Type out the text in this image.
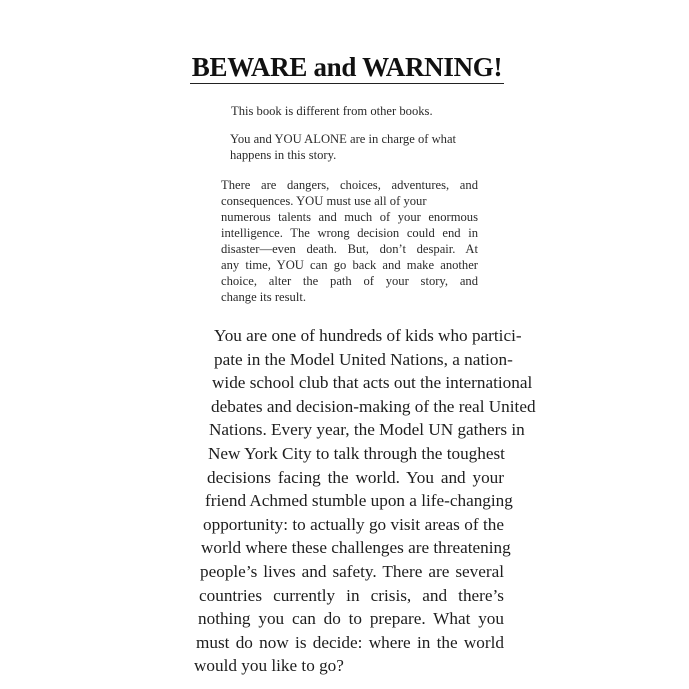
BEWARE and WARNING!
This book is different from other books.
You and YOU ALONE are in charge of what
happens in this story.
There are dangers, choices, adventures, and
consequences. YOU must use all of your
numerous talents and much of your enormous
intelligence. The wrong decision could end in
disaster—even death. But, don’t despair. At
any time, YOU can go back and make another
choice, alter the path of your story, and
change its result.
You are one of hundreds of kids who partici-
pate in the Model United Nations, a nation-
wide school club that acts out the international
debates and decision-making of the real United
Nations. Every year, the Model UN gathers in
New York City to talk through the toughest
decisions facing the world. You and your
friend Achmed stumble upon a life-changing
opportunity: to actually go visit areas of the
world where these challenges are threatening
people’s lives and safety. There are several
countries currently in crisis, and there’s
nothing you can do to prepare. What you
must do now is decide: where in the world
would you like to go?
